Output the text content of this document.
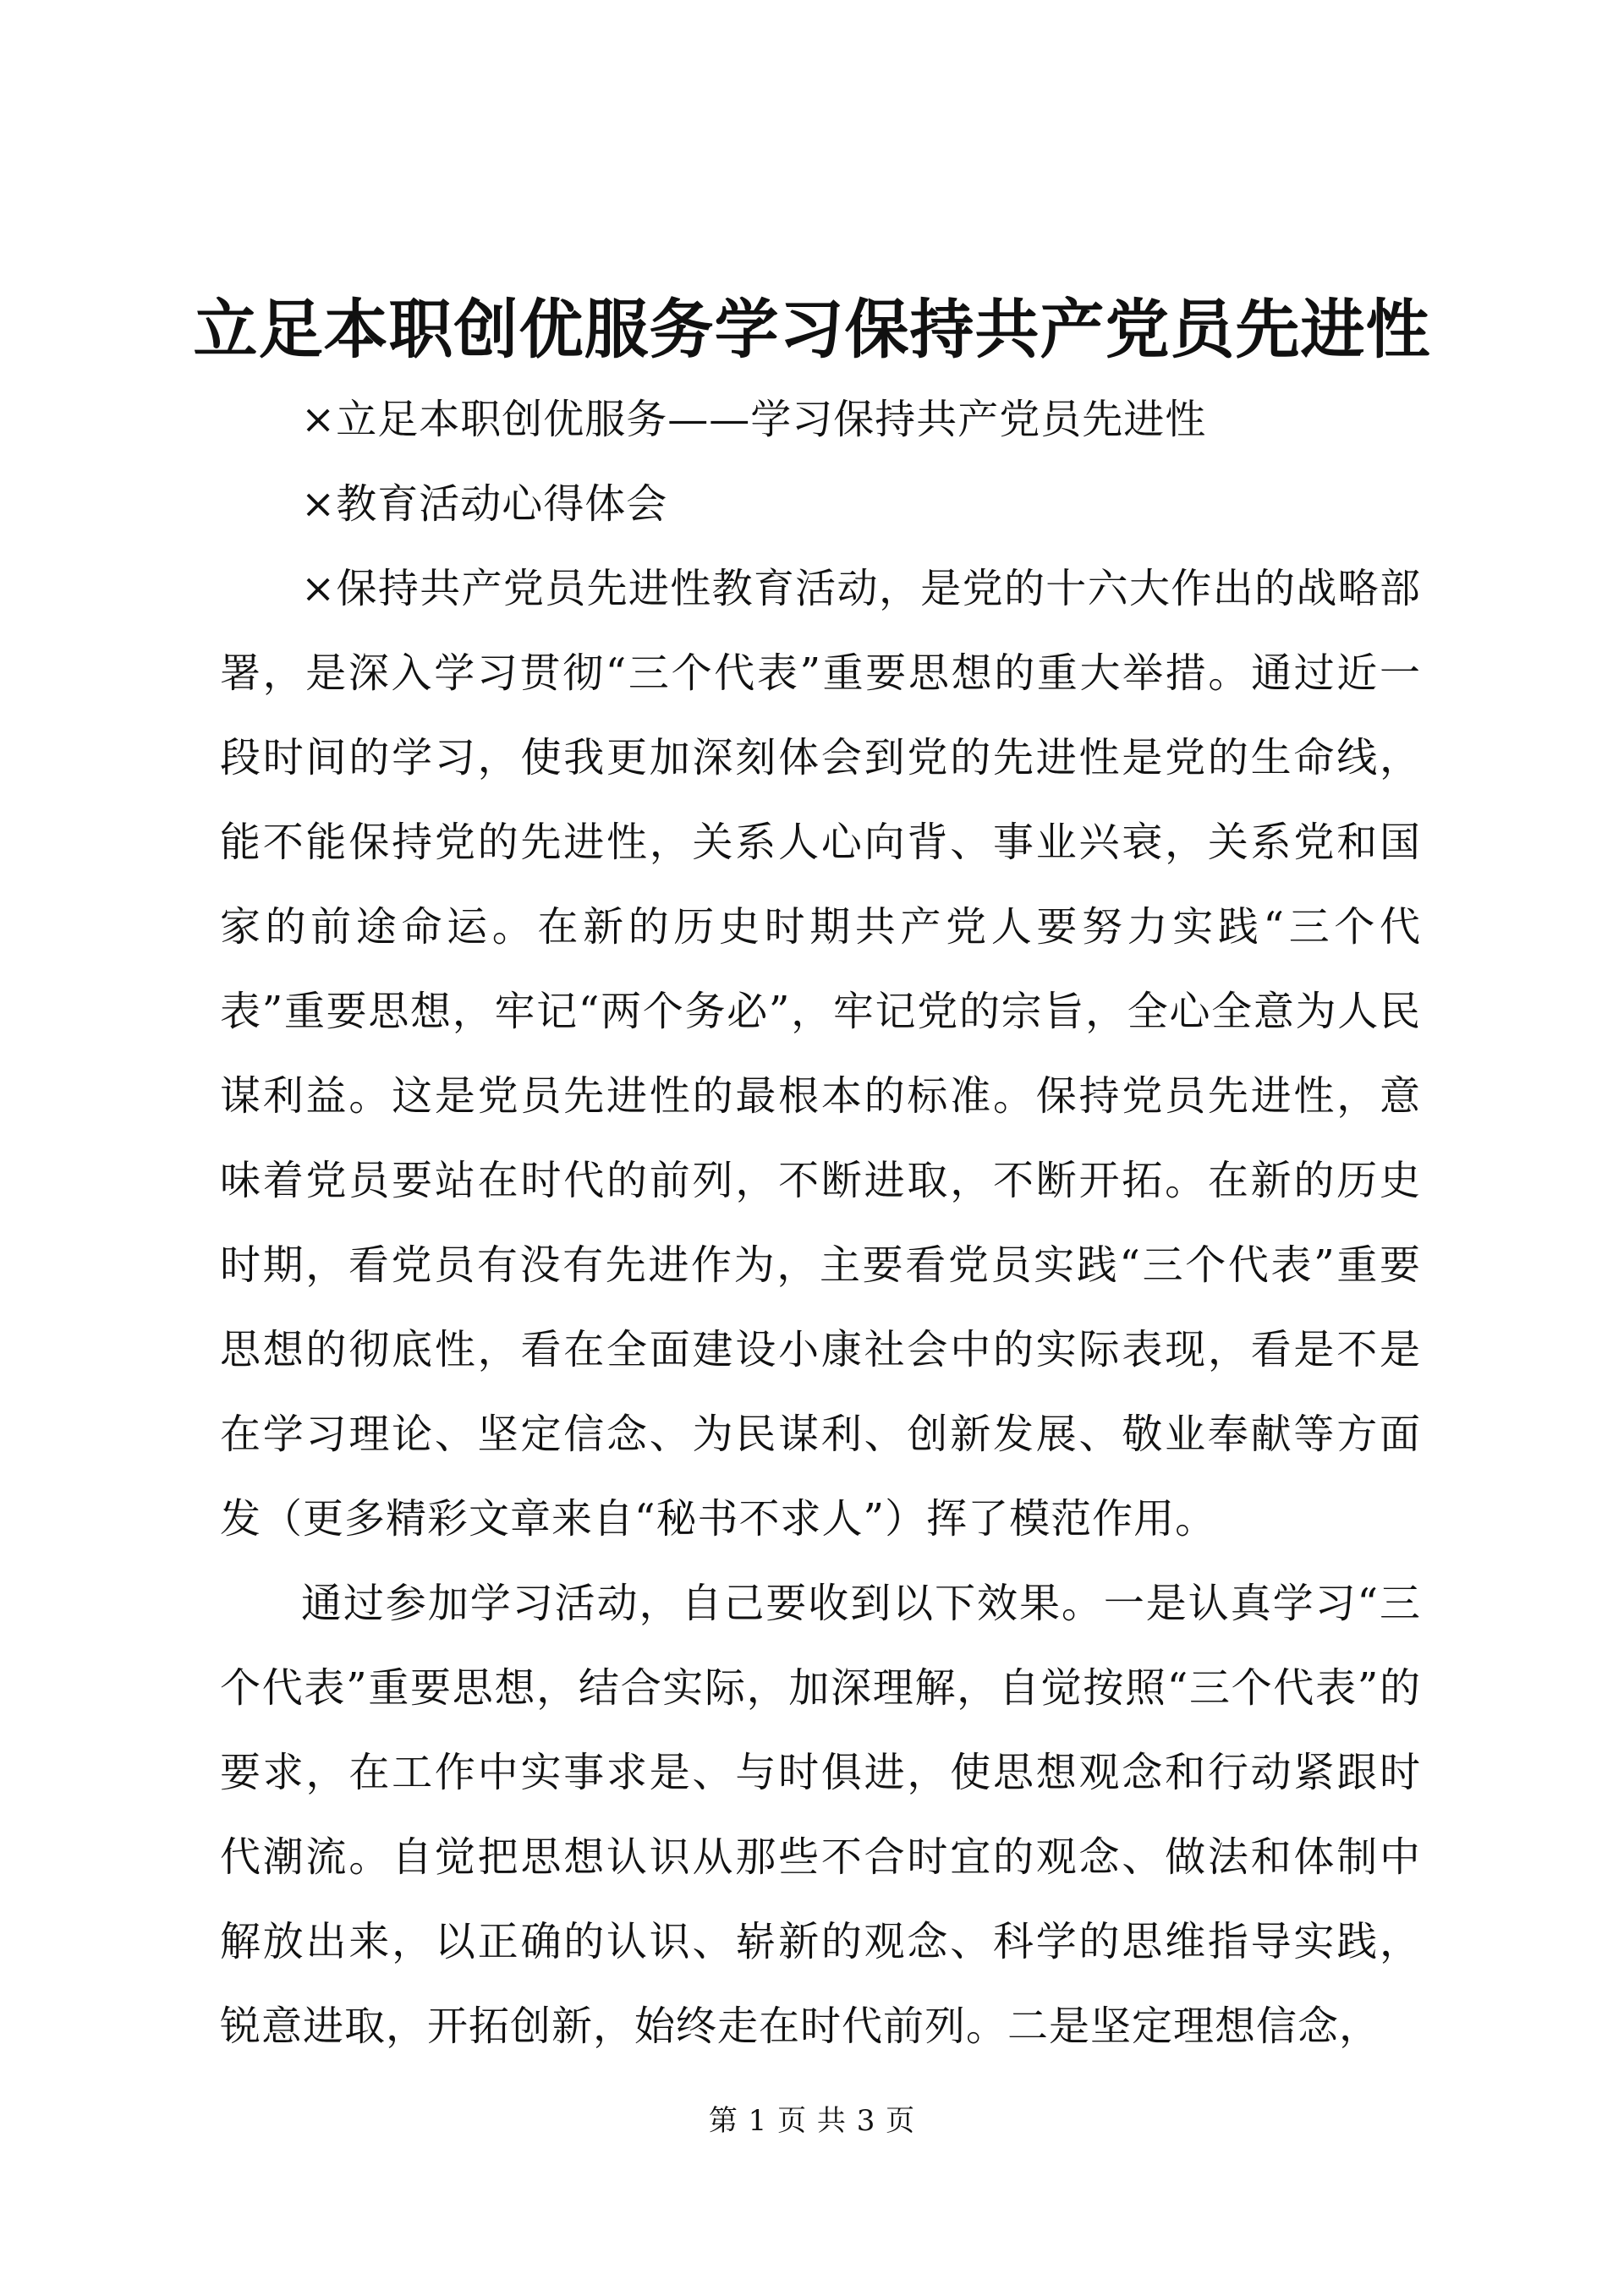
立足本职创优服务学习保持共产党员先进性

×立足本职创优服务——学习保持共产党员先进性

×教育活动心得体会

×保持共产党员先进性教育活动，是党的十六大作出的战略部署，是深入学习贯彻“三个代表”重要思想的重大举措。通过近一段时间的学习，使我更加深刻体会到党的先进性是党的生命线，能不能保持党的先进性，关系人心向背、事业兴衰，关系党和国家的前途命运。在新的历史时期共产党人要努力实践“三个代表”重要思想，牢记“两个务必”，牢记党的宗旨，全心全意为人民谋利益。这是党员先进性的最根本的标准。保持党员先进性，意味着党员要站在时代的前列，不断进取，不断开拓。在新的历史时期，看党员有没有先进作为，主要看党员实践“三个代表”重要思想的彻底性，看在全面建设小康社会中的实际表现，看是不是在学习理论、坚定信念、为民谋利、创新发展、敬业奉献等方面发（更多精彩文章来自“秘书不求人”）挥了模范作用。

通过参加学习活动，自己要收到以下效果。一是认真学习“三个代表”重要思想，结合实际，加深理解，自觉按照“三个代表”的要求，在工作中实事求是、与时俱进，使思想观念和行动紧跟时代潮流。自觉把思想认识从那些不合时宜的观念、做法和体制中解放出来，以正确的认识、崭新的观念、科学的思维指导实践，锐意进取，开拓创新，始终走在时代前列。二是坚定理想信念，

第 1 页 共 3 页
